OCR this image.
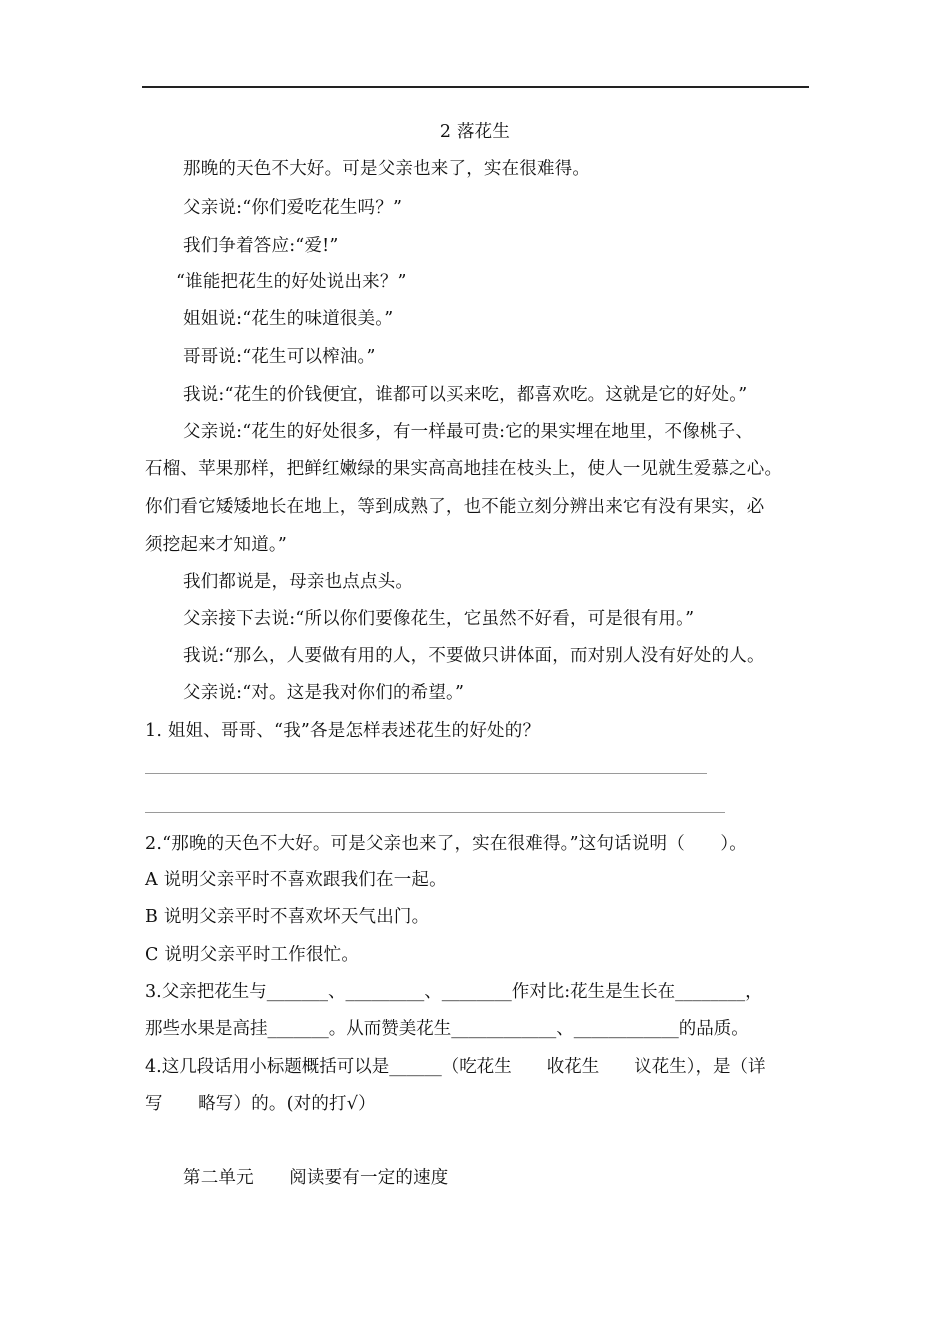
2 落花生
那晚的天色不大好。可是父亲也来了，实在很难得。
父亲说:“你们爱吃花生吗？”
我们争着答应:“爱!”
“谁能把花生的好处说出来？”
姐姐说:“花生的味道很美。”
哥哥说:“花生可以榨油。”
我说:“花生的价钱便宜，谁都可以买来吃，都喜欢吃。这就是它的好处。”
父亲说:“花生的好处很多，有一样最可贵:它的果实埋在地里，不像桃子、
石榴、苹果那样，把鲜红嫩绿的果实高高地挂在枝头上，使人一见就生爱慕之心。
你们看它矮矮地长在地上，等到成熟了，也不能立刻分辨出来它有没有果实，必
须挖起来才知道。”
我们都说是，母亲也点点头。
父亲接下去说:“所以你们要像花生，它虽然不好看，可是很有用。”
我说:“那么，人要做有用的人，不要做只讲体面，而对别人没有好处的人。
父亲说:“对。这是我对你们的希望。”
1. 姐姐、哥哥、“我”各是怎样表述花生的好处的？
2.“那晚的天色不大好。可是父亲也来了，实在很难得。”这句话说明（　　）。
A 说明父亲平时不喜欢跟我们在一起。
B 说明父亲平时不喜欢坏天气出门。
C 说明父亲平时工作很忙。
3.父亲把花生与_______、_________、________作对比:花生是生长在________，
那些水果是高挂_______。从而赞美花生____________、____________的品质。
4.这几段话用小标题概括可以是______（吃花生　　收花生　　议花生），是（详
写　　略写）的。(对的打√）
第二单元　　阅读要有一定的速度
